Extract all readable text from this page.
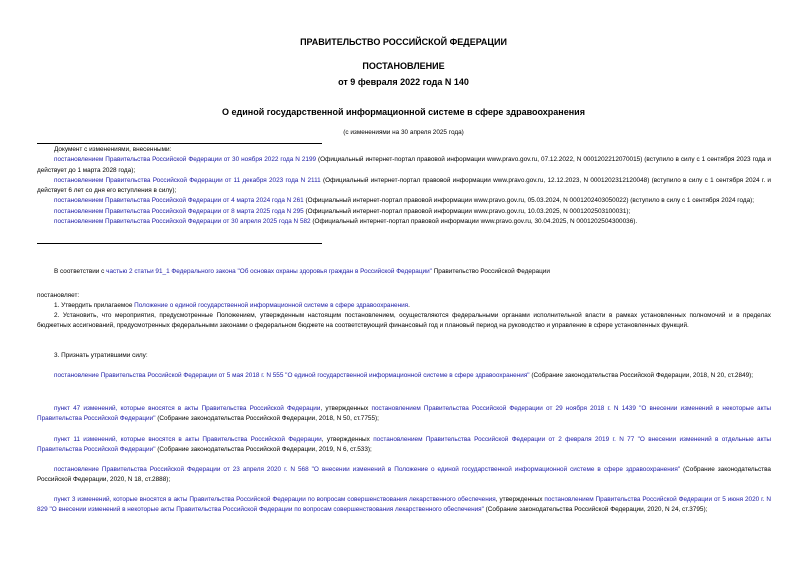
ПРАВИТЕЛЬСТВО РОССИЙСКОЙ ФЕДЕРАЦИИ
ПОСТАНОВЛЕНИЕ
от 9 февраля 2022 года N 140
О единой государственной информационной системе в сфере здравоохранения
(с изменениями на 30 апреля 2025 года)
Документ с изменениями, внесенными:
постановлением Правительства Российской Федерации от 30 ноября 2022 года N 2199 (Официальный интернет-портал правовой информации www.pravo.gov.ru, 07.12.2022, N 0001202212070015) (вступило в силу с 1 сентября 2023 года и действует до 1 марта 2028 года);
постановлением Правительства Российской Федерации от 11 декабря 2023 года N 2111 (Официальный интернет-портал правовой информации www.pravo.gov.ru, 12.12.2023, N 0001202312120048) (вступило в силу с 1 сентября 2024 г. и действует 6 лет со дня его вступления в силу);
постановлением Правительства Российской Федерации от 4 марта 2024 года N 261 (Официальный интернет-портал правовой информации www.pravo.gov.ru, 05.03.2024, N 0001202403050022) (вступило в силу с 1 сентября 2024 года);
постановлением Правительства Российской Федерации от 8 марта 2025 года N 295 (Официальный интернет-портал правовой информации www.pravo.gov.ru, 10.03.2025, N 0001202503100031);
постановлением Правительства Российской Федерации от 30 апреля 2025 года N 582 (Официальный интернет-портал правовой информации www.pravo.gov.ru, 30.04.2025, N 0001202504300036).
В соответствии с частью 2 статьи 91_1 Федерального закона "Об основах охраны здоровья граждан в Российской Федерации" Правительство Российской Федерации
постановляет:
1. Утвердить прилагаемое Положение о единой государственной информационной системе в сфере здравоохранения.
2. Установить, что мероприятия, предусмотренные Положением, утвержденным настоящим постановлением, осуществляются федеральными органами исполнительной власти в рамках установленных полномочий и в пределах бюджетных ассигнований, предусмотренных федеральными законами о федеральном бюджете на соответствующий финансовый год и плановый период на руководство и управление в сфере установленных функций.
3. Признать утратившими силу:
постановление Правительства Российской Федерации от 5 мая 2018 г. N 555 "О единой государственной информационной системе в сфере здравоохранения" (Собрание законодательства Российской Федерации, 2018, N 20, ст.2849);
пункт 47 изменений, которые вносятся в акты Правительства Российской Федерации, утвержденных постановлением Правительства Российской Федерации от 29 ноября 2018 г. N 1439 "О внесении изменений в некоторые акты Правительства Российской Федерации" (Собрание законодательства Российской Федерации, 2018, N 50, ст.7755);
пункт 11 изменений, которые вносятся в акты Правительства Российской Федерации, утвержденных постановлением Правительства Российской Федерации от 2 февраля 2019 г. N 77 "О внесении изменений в отдельные акты Правительства Российской Федерации" (Собрание законодательства Российской Федерации, 2019, N 6, ст.533);
постановление Правительства Российской Федерации от 23 апреля 2020 г. N 568 "О внесении изменений в Положение о единой государственной информационной системе в сфере здравоохранения" (Собрание законодательства Российской Федерации, 2020, N 18, ст.2888);
пункт 3 изменений, которые вносятся в акты Правительства Российской Федерации по вопросам совершенствования лекарственного обеспечения, утвержденных постановлением Правительства Российской Федерации от 5 июня 2020 г. N 829 "О внесении изменений в некоторые акты Правительства Российской Федерации по вопросам совершенствования лекарственного обеспечения" (Собрание законодательства Российской Федерации, 2020, N 24, ст.3795);
